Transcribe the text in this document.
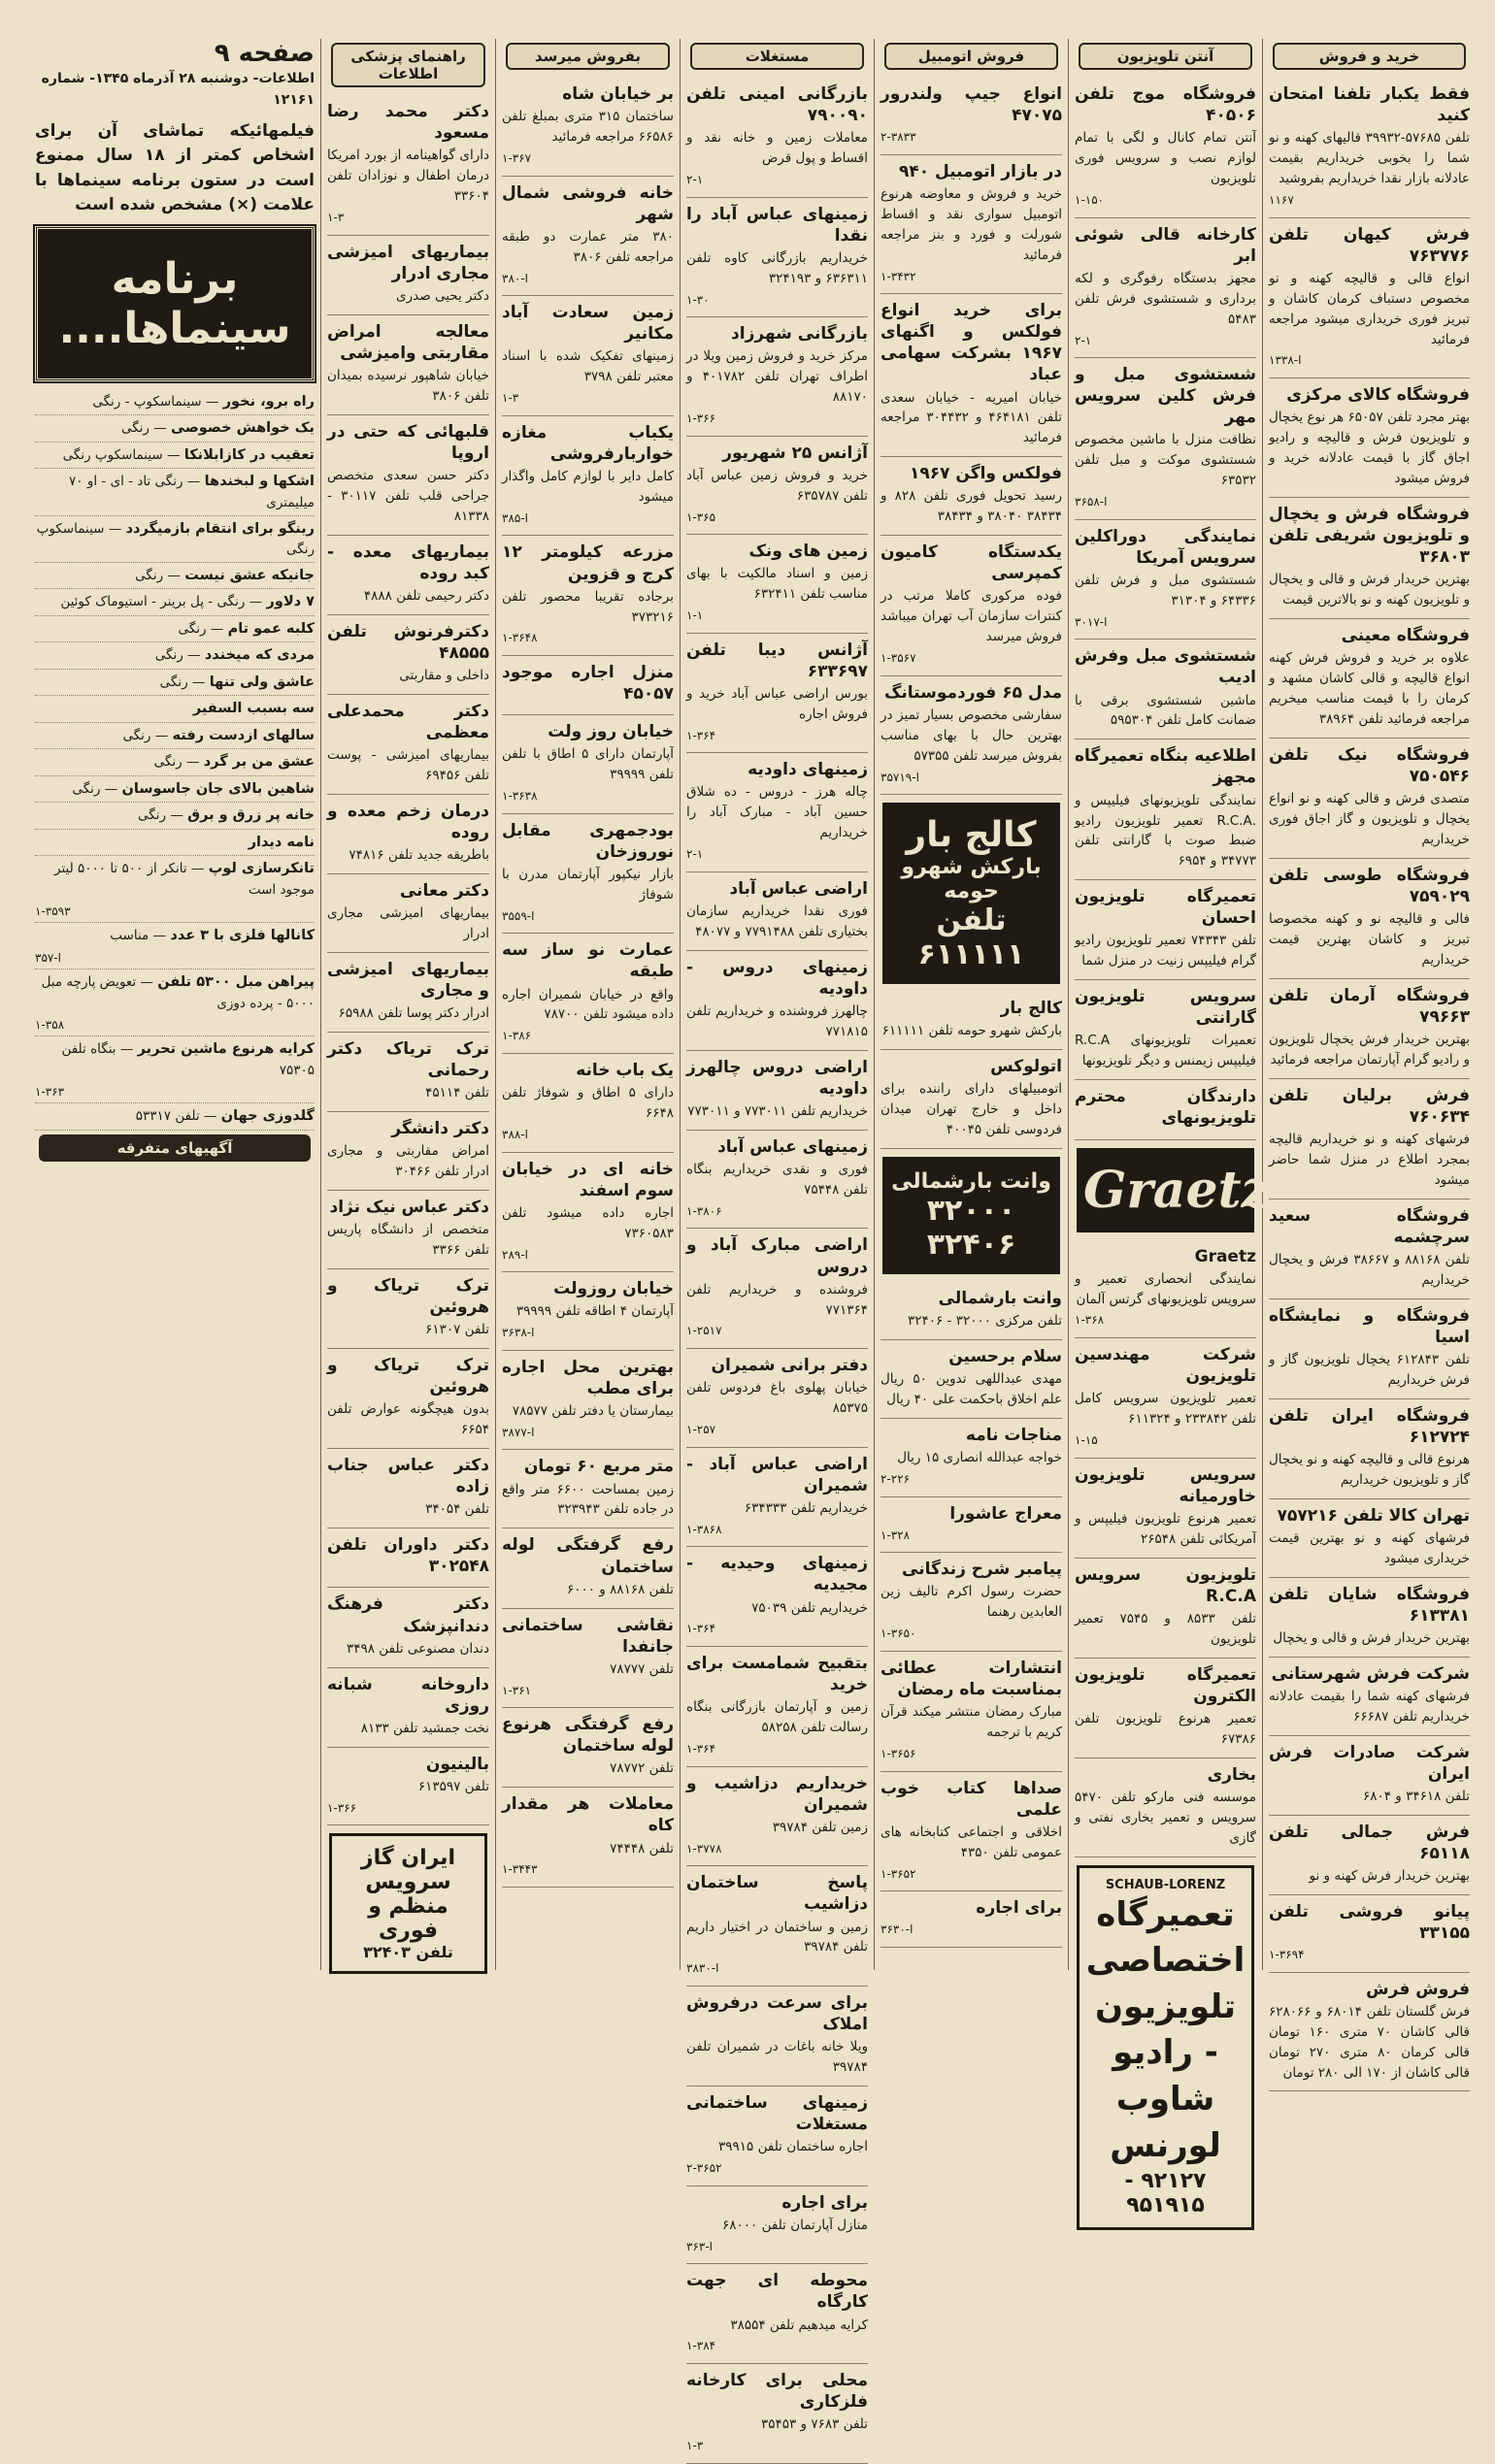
خرید و فروش
فقط یکبار تلفنا امتحان کنید
تلفن ۵۷۶۸۵-۳۹۹۳۲ قالیهای کهنه و نو شما را بخوبی خریداریم بقیمت عادلانه بازار نقدا خریداریم بفروشید
۱۱۶۷
فرش کیهان تلفن ۷۶۳۷۷۶
انواع قالی و قالیچه کهنه و نو مخصوص دستباف کرمان کاشان و تبریز فوری خریداری میشود مراجعه فرمائید
ا-۱۳۳۸
فروشگاه کالای مرکزی
بهتر مجرد تلفن ۶۵۰۵۷ هر نوع یخچال و تلویزیون فرش و قالیچه و رادیو اجاق گاز با قیمت عادلانه خرید و فروش میشود
فروشگاه فرش و یخچال و تلویزیون شریفی تلفن ۳۶۸۰۳
بهترین خریدار فرش و قالی و یخچال و تلویزیون کهنه و نو بالاترین قیمت
فروشگاه معینی
علاوه بر خرید و فروش فرش کهنه انواع قالیچه و قالی کاشان مشهد و کرمان را با قیمت مناسب میخریم مراجعه فرمائید تلفن ۳۸۹۶۴
فروشگاه نیک تلفن ۷۵۰۵۴۶
متصدی فرش و قالی کهنه و نو انواع یخچال و تلویزیون و گاز اجاق فوری خریداریم
فروشگاه طوسی تلفن ۷۵۹۰۲۹
فالی و قالیچه نو و کهنه مخصوصا تبریز و کاشان بهترین قیمت خریداریم
فروشگاه آرمان تلفن ۷۹۶۶۳
بهترین خریدار فرش یخچال تلویزیون و رادیو گرام آپارتمان مراجعه فرمائید
فرش برلیان تلفن ۷۶۰۶۳۴
فرشهای کهنه و نو خریداریم قالیچه بمجرد اطلاع در منزل شما حاضر میشود
فروشگاه سعید سرچشمه
تلفن ۸۸۱۶۸ و ۳۸۶۶۷ فرش و یخچال خریداریم
فروشگاه و نمایشگاه اسیا
تلفن ۶۱۲۸۴۳ یخچال تلویزیون گاز و فرش خریداریم
فروشگاه ایران تلفن ۶۱۲۷۲۴
هرنوع قالی و قالیچه کهنه و نو یخچال گاز و تلویزیون خریداریم
تهران کالا تلفن ۷۵۷۲۱۶
فرشهای کهنه و نو بهترین قیمت خریداری میشود
فروشگاه شایان تلفن ۶۱۳۳۸۱
بهترین خریدار فرش و قالی و یخچال
شرکت فرش شهرستانی
فرشهای کهنه شما را بقیمت عادلانه خریداریم تلفن ۶۶۶۸۷
شرکت صادرات فرش ایران
تلفن ۳۴۶۱۸ و ۶۸۰۴
فرش جمالی تلفن ۶۵۱۱۸
بهترین خریدار فرش کهنه و نو
پیانو فروشی تلفن ۳۳۱۵۵
۱-۳۶۹۴
فروش فرش
فرش گلستان تلفن ۶۸۰۱۴ و ۶۲۸۰۶۶ قالی کاشان ۷۰ متری ۱۶۰ تومان قالی کرمان ۸۰ متری ۲۷۰ تومان قالی کاشان از ۱۷۰ الی ۲۸۰ تومان
آنتن تلویزیون
فروشگاه موج تلفن ۴۰۵۰۶
آنتن تمام کانال و لگی با تمام لوازم نصب و سرویس فوری تلویزیون
۱-۱۵۰
کارخانه قالی شوئی ابر
مجهز بدستگاه رفوگری و لکه برداری و شستشوی فرش تلفن ۵۴۸۳
۲-۱
شستشوی مبل و فرش کلین سرویس مهر
نظافت منزل با ماشین مخصوص شستشوی موکت و مبل تلفن ۶۳۵۳۲
ا-۳۶۵۸
نمایندگی دوراکلین سرویس آمریکا
شستشوی مبل و فرش تلفن ۶۴۳۳۶ و ۳۱۳۰۴
ا-۳۰۱۷
شستشوی مبل وفرش ادیب
ماشین شستشوی برقی با ضمانت کامل تلفن ۵۹۵۳۰۴
اطلاعیه بنگاه تعمیرگاه مجهز
نمایندگی تلویزیونهای فیلیپس و .R.C.A تعمیر تلویزیون رادیو ضبط صوت با گارانتی تلفن ۳۴۷۷۳ و ۶۹۵۴
تعمیرگاه تلویزیون احسان
تلفن ۷۴۳۴۳ تعمیر تلویزیون رادیو گرام فیلیپس زنیت در منزل شما
سرویس تلویزیون گارانتی
تعمیرات تلویزیونهای R.C.A فیلیپس زیمنس و دیگر تلویزیونها
دارندگان محترم تلویزیونهای
Graetz
Graetz
نمایندگی انحصاری تعمیر و سرویس تلویزیونهای گرتس آلمان
۱-۳۶۸
شرکت مهندسین تلویزیون
تعمیر تلویزیون سرویس کامل تلفن ۲۳۳۸۴۲ و ۶۱۱۳۲۴
۱-۱۵
سرویس تلویزیون خاورمیانه
تعمیر هرنوع تلویزیون فیلیپس و آمریکائی تلفن ۲۶۵۴۸
تلویزیون سرویس R.C.A
تلفن ۸۵۳۳ و ۷۵۴۵ تعمیر تلویزیون
تعمیرگاه تلویزیون الکترون
تعمیر هرنوع تلویزیون تلفن ۶۷۳۸۶
بخاری
موسسه فنی مارکو تلفن ۵۴۷۰ سرویس و تعمیر بخاری نفتی و گازی
SCHAUB-LORENZ
تعمیرگاه اختصاصی
تلویزیون - رادیو
شاوب لورنس
۹۲۱۲۷ - ۹۵۱۹۱۵
فروش اتومبیل
انواع جیپ ولندرور ۴۷۰۷۵
۲-۳۸۳۳
در بازار اتومبیل ۹۴۰
خرید و فروش و معاوضه هرنوع اتومبیل سواری نقد و اقساط شورلت و فورد و بنز مراجعه فرمائید
۱-۳۴۳۲
برای خرید انواع فولکس و اگنهای ۱۹۶۷ بشرکت سهامی عباد
خیابان امیریه - خیابان سعدی تلفن ۴۶۴۱۸۱ و ۳۰۴۴۳۲ مراجعه فرمائید
فولکس واگن ۱۹۶۷
رسید تحویل فوری تلفن ۸۲۸ و ۳۸۴۳۴ ۳۸۰۴۰ و ۳۸۴۳۴
یکدستگاه کامیون کمپرسی
فوده مرکوری کاملا مرتب در کنترات سازمان آب تهران میباشد فروش میرسد
۱-۳۵۶۷
مدل ۶۵ فوردموستانگ
سفارشی مخصوص بسیار تمیز در بهترین حال با بهای مناسب بفروش میرسد تلفن ۵۷۳۵۵
ا-۳۵۷۱۹
کالج بار
بارکش شهرو حومه
تلفن ۶۱۱۱۱۱
کالج بار
بارکش شهرو حومه تلفن ۶۱۱۱۱۱
اتولوکس
اتومبیلهای دارای راننده برای داخل و خارج تهران میدان فردوسی تلفن ۴۰۰۴۵
وانت بارشمالی
۳۲۰۰۰
۳۲۴۰۶
وانت بارشمالی
تلفن مرکزی ۳۲۰۰۰ - ۳۲۴۰۶
سلام برحسین
مهدی عبداللهی تدوین ۵۰ ریال علم اخلاق باحکمت علی ۴۰ ریال
مناجات نامه
خواجه عبدالله انصاری ۱۵ ریال
۲-۲۲۶
معراج عاشورا
۱-۳۲۸
پیامبر شرح زندگانی
حضرت رسول اکرم تالیف زین العابدین رهنما
۱-۳۶۵۰
انتشارات عطائی بمناسبت ماه رمضان
مبارک رمضان منتشر میکند قرآن کریم با ترجمه
۱-۳۶۵۶
صداها کتاب خوب علمی
اخلاقی و اجتماعی کتابخانه های عمومی تلفن ۴۳۵۰
۱-۳۶۵۲
برای اجاره
ا-۳۶۳۰
مستغلات
بازرگانی امینی تلفن ۷۹۰۰۹۰
معاملات زمین و خانه نقد و اقساط و پول قرض
۲-۱
زمینهای عباس آباد را نقدا
خریداریم بازرگانی کاوه تلفن ۶۳۶۳۱۱ و ۳۲۴۱۹۳
۱-۳۰
بازرگانی شهرزاد
مرکز خرید و فروش زمین ویلا در اطراف تهران تلفن ۴۰۱۷۸۲ و ۸۸۱۷۰
۱-۳۶۶
آژانس ۲۵ شهریور
خرید و فروش زمین عباس آباد تلفن ۶۳۵۷۸۷
۱-۳۶۵
زمین های ونک
زمین و اسناد مالکیت با بهای مناسب تلفن ۶۳۲۴۱۱
۱-۱
آژانس دیبا تلفن ۶۳۳۶۹۷
بورس اراضی عباس آباد خرید و فروش اجاره
۱-۳۶۴
زمینهای داودیه
چاله هرز - دروس - ده شلاق حسین آباد - مبارک آباد را خریداریم
۲-۱
اراضی عباس آباد
فوری نقدا خریداریم سازمان بختیاری تلفن ۷۷۹۱۴۸۸ و ۴۸۰۷۷
زمینهای دروس - داودیه
چالهرز فروشنده و خریداریم تلفن ۷۷۱۸۱۵
اراضی دروس چالهرز داودیه
خریداریم تلفن ۷۷۳۰۱۱ و ۷۷۳۰۱۱
زمینهای عباس آباد
فوری و نقدی خریداریم بنگاه تلفن ۷۵۴۴۸
۱-۳۸۰۶
اراضی مبارک آباد و دروس
فروشنده و خریداریم تلفن ۷۷۱۳۶۴
۱-۲۵۱۷
دفتر برانی شمیران
خیابان پهلوی باغ فردوس تلفن ۸۵۳۷۵
۱-۲۵۷
اراضی عباس آباد - شمیران
خریداریم تلفن ۶۳۴۳۳۳
۱-۳۸۶۸
زمینهای وحیدیه - مجیدیه
خریداریم تلفن ۷۵۰۳۹
۱-۳۶۴
بتقبیح شمامست برای خرید
زمین و آپارتمان بازرگانی بنگاه رسالت تلفن ۵۸۲۵۸
۱-۳۶۴
خریداریم دزاشیب و شمیران
زمین تلفن ۳۹۷۸۴
۱-۳۷۷۸
پاسخ ساختمان دزاشیب
زمین و ساختمان در اختیار داریم تلفن ۳۹۷۸۴
ا-۳۸۳۰
برای سرعت درفروش املاک
ویلا خانه باغات در شمیران تلفن ۳۹۷۸۴
زمینهای ساختمانی مستغلات
اجاره ساختمان تلفن ۳۹۹۱۵
۲-۳۶۵۲
برای اجاره
منازل آپارتمان تلفن ۶۸۰۰۰
ا-۳۶۳
محوطه ای جهت کارگاه
کرایه میدهیم تلفن ۳۸۵۵۴
۱-۳۸۴
محلی برای کارخانه فلزکاری
تلفن ۷۶۸۳ و ۳۵۴۵۳
۱-۳
بفروش میرسد
بر خیابان شاه
ساختمان ۳۱۵ متری بمبلغ تلفن ۶۶۵۸۶ مراجعه فرمائید
۱-۳۶۷
خانه فروشی شمال شهر
۳۸۰ متر عمارت دو طبقه مراجعه تلفن ۳۸۰۶
ا-۳۸۰
زمین سعادت آباد مکانیر
زمینهای تفکیک شده با اسناد معتبر تلفن ۳۷۹۸
۱-۳
یکباب مغازه خواربارفروشی
کامل دایر با لوازم کامل واگذار میشود
ا-۳۸۵
مزرعه کیلومتر ۱۲ کرج و قزوین
برجاده تقریبا محصور تلفن ۳۷۳۲۱۶
۱-۳۶۴۸
منزل اجاره موجود ۴۵۰۵۷
خیابان روز ولت
آپارتمان دارای ۵ اطاق با تلفن تلفن ۳۹۹۹۹
۱-۳۶۳۸
بودجمهری مقابل نوروزخان
بازار نیکپور آپارتمان مدرن با شوفاژ
ا-۳۵۵۹
عمارت نو ساز سه طبقه
واقع در خیابان شمیران اجاره داده میشود تلفن ۷۸۷۰۰
۱-۳۸۶
یک باب خانه
دارای ۵ اطاق و شوفاژ تلفن ۶۶۴۸
ا-۳۸۸
خانه ای در خیابان سوم اسفند
اجاره داده میشود تلفن ۷۳۶۰۵۸۳
ا-۲۸۹
خیابان روزولت
آپارتمان ۴ اطاقه تلفن ۳۹۹۹۹
ا-۳۶۳۸
بهترین محل اجاره برای مطب
بیمارستان یا دفتر تلفن ۷۸۵۷۷
ا-۳۸۷۷
متر مربع ۶۰ تومان
زمین بمساحت ۶۶۰۰ متر واقع در جاده تلفن ۳۲۳۹۴۳
رفع گرفتگی لوله ساختمان
تلفن ۸۸۱۶۸ و ۶۰۰۰
نقاشی ساختمانی جانفدا
تلفن ۷۸۷۷۷
۱-۳۶۱
رفع گرفتگی هرنوع لوله ساختمان
تلفن ۷۸۷۷۲
معاملات هر مقدار کاه
تلفن ۷۴۴۴۸
۱-۳۴۴۳
راهنمای پزشکی اطلاعات
دکتر محمد رضا مسعود
دارای گواهینامه از بورد امریکا درمان اطفال و نوزادان تلفن ۳۳۶۰۴
۱-۳
بیماریهای امیزشی مجاری ادرار
دکتر یحیی صدری
معالجه امراض مقاربتی وامیزشی
خیابان شاهپور نرسیده بمیدان تلفن ۳۸۰۶
قلبهائی که حتی در اروپا
دکتر حسن سعدی متخصص جراحی قلب تلفن ۳۰۱۱۷ - ۸۱۳۳۸
بیماریهای معده - کبد روده
دکتر رحیمی تلفن ۴۸۸۸
دکترفرنوش تلفن ۴۸۵۵۵
داخلی و مقاربتی
دکتر محمدعلی معظمی
بیماریهای امیزشی - پوست تلفن ۶۹۴۵۶
درمان زخم معده و روده
باطریقه جدید تلفن ۷۴۸۱۶
دکتر معانی
بیماریهای امیزشی مجاری ادرار
بیماریهای امیزشی و مجاری
ادرار دکتر پوسا تلفن ۶۵۹۸۸
ترک تریاک دکتر رحمانی
تلفن ۴۵۱۱۴
دکتر دانشگر
امراض مقاربتی و مجاری ادرار تلفن ۳۰۴۶۶
دکتر عباس نیک نژاد
متخصص از دانشگاه پاریس تلفن ۳۳۶۶
ترک تریاک و هروئین
تلفن ۶۱۳۰۷
ترک تریاک و هروئین
بدون هیچگونه عوارض تلفن ۶۶۵۴
دکتر عباس جناب زاده
تلفن ۳۴۰۵۴
دکتر داوران تلفن ۳۰۲۵۴۸
دکتر فرهنگ دندانپزشک
دندان مصنوعی تلفن ۳۴۹۸
داروخانه شبانه روزی
نخت جمشید تلفن ۸۱۳۳
بالینیون
تلفن ۶۱۳۵۹۷
۱-۳۶۶
ایران گاز
سرویس منظم و فوری
تلفن ۳۲۴۰۳
صفحه ۹
اطلاعات- دوشنبه ۲۸ آذرماه ۱۳۴۵- شماره ۱۲۱۶۱
فیلمهائیکه تماشای آن برای اشخاص کمتر از ۱۸ سال ممنوع است در ستون برنامه سینماها با علامت (×) مشخص شده است
برنامه سینماها....
راه برو، نخور — سینماسکوپ - رنگی
یک خواهش خصوصی — رنگی
تعقیب در کازابلانکا — سینماسکوپ رنگی
اشکها و لبخندها — رنگی تاد - ای - او ۷۰ میلیمتری
رینگو برای انتقام بازمیگردد — سینماسکوپ رنگی
جانیکه عشق نیست — رنگی
۷ دلاور — رنگی - پل برینر - استیوماک کوئین
کلبه عمو تام — رنگی
مردی که میخندد — رنگی
عاشق ولی تنها — رنگی
سه بسبب السفیر
سالهای ازدست رفته — رنگی
عشق من بر گرد — رنگی
شاهین بالای جان جاسوسان — رنگی
خانه پر زرق و برق — رنگی
نامه دیدار
تانکرسازی لوپ — تانکر از ۵۰۰ تا ۵۰۰۰ لیتر موجود است
۱-۳۵۹۳
کانالها فلزی با ۳ عدد — مناسب
ا-۳۵۷
پیراهن مبل ۵۳۰۰ تلفن — تعویض پارچه مبل ۵۰۰۰ - پرده دوزی
۱-۳۵۸
کرایه هرنوع ماشین تحریر — بنگاه تلفن ۷۵۳۰۵
۱-۳۶۳
گلدوزی جهان — تلفن ۵۳۳۱۷
آگهیهای متفرقه
